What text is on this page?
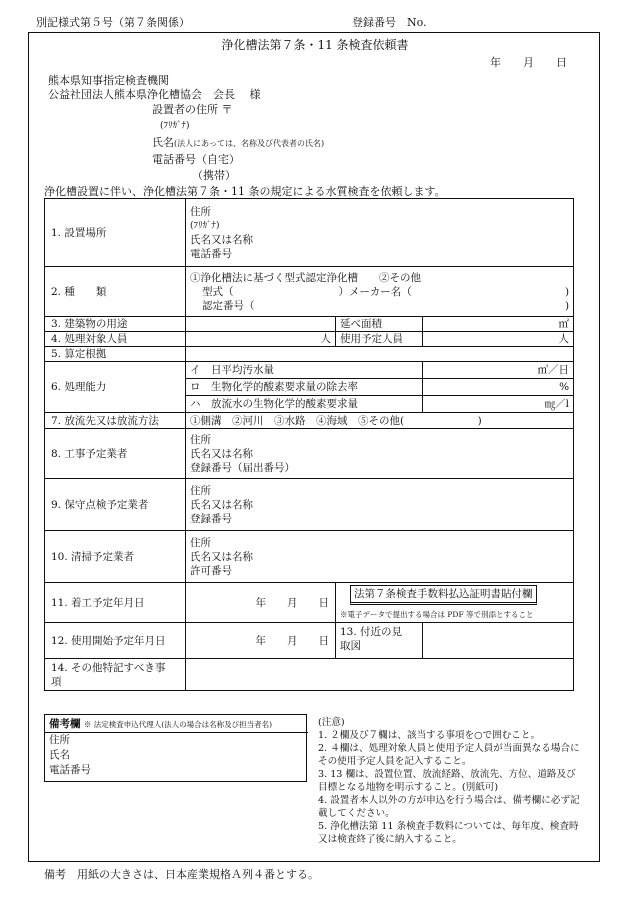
別記様式第５号（第７条関係）	登録番号　No.
浄化槽法第７条・11 条検査依頼書
年　　月　　日
熊本県知事指定検査機関
公益社団法人熊本県浄化槽協会　会長　 様
設置者の住所 〒
(ﾌﾘｶﾞﾅ)
氏名(法人にあっては、名称及び代表者の氏名)
電話番号（自宅）
（携帯）
浄化槽設置に伴い、浄化槽法第７条・11 条の規定による水質検査を依頼します。
1. 設置場所	住所
(ﾌﾘｶﾞﾅ)
氏名又は名称
電話番号		

2. 種　　類	①浄化槽法に基づく型式認定浄化槽　　②その他
型式（　　　　　　　　　　）メーカー名（ )
認定番号（ )		

3. 建築物の用途		延べ面積	㎡
4. 処理対象人員	人	使用予定人員	人
5. 算定根拠			
6. 処理能力	イ　日平均汚水量		㎥／日
	ロ　生物化学的酸素要求量の除去率		%
	ハ　放流水の生物化学的酸素要求量		㎎／l
7. 放流先又は放流方法	①側溝　②河川　③水路　④海域　⑤その他(　　　　　　　)		
8. 工事予定業者	住所
氏名又は名称
登録番号（届出番号）		

9. 保守点検予定業者	住所
氏名又は名称
登録番号		

10. 清掃予定業者	住所
氏名又は名称
許可番号		

11. 着工予定年月日	年　　月　　日	法第７条検査手数料払込証明書貼付欄
※電子データで提出する場合は PDF 等で別添とすること	

12. 使用開始予定年月日	年　　月　　日	13. 付近の見
取図	

14. その他特記すべき事
項			

備考欄 ※ 法定検査申込代理人(法人の場合は名称及び担当者名)
住所
氏名
電話番号
(注意)
1. ２欄及び７欄は、該当する事項を○で囲むこと。
2. ４欄は、処理対象人員と使用予定人員が当面異なる場合にその使用予定人員を記入すること。
3. 13 欄は、設置位置、放流経路、放流先、方位、道路及び目標となる地物を明示すること。(別紙可)
4. 設置者本人以外の方が申込を行う場合は、備考欄に必ず記載してください。
5. 浄化槽法第 11 条検査手数料については、毎年度、検査時又は検査終了後に納入すること。
備考　用紙の大きさは、日本産業規格Ａ列４番とする。
